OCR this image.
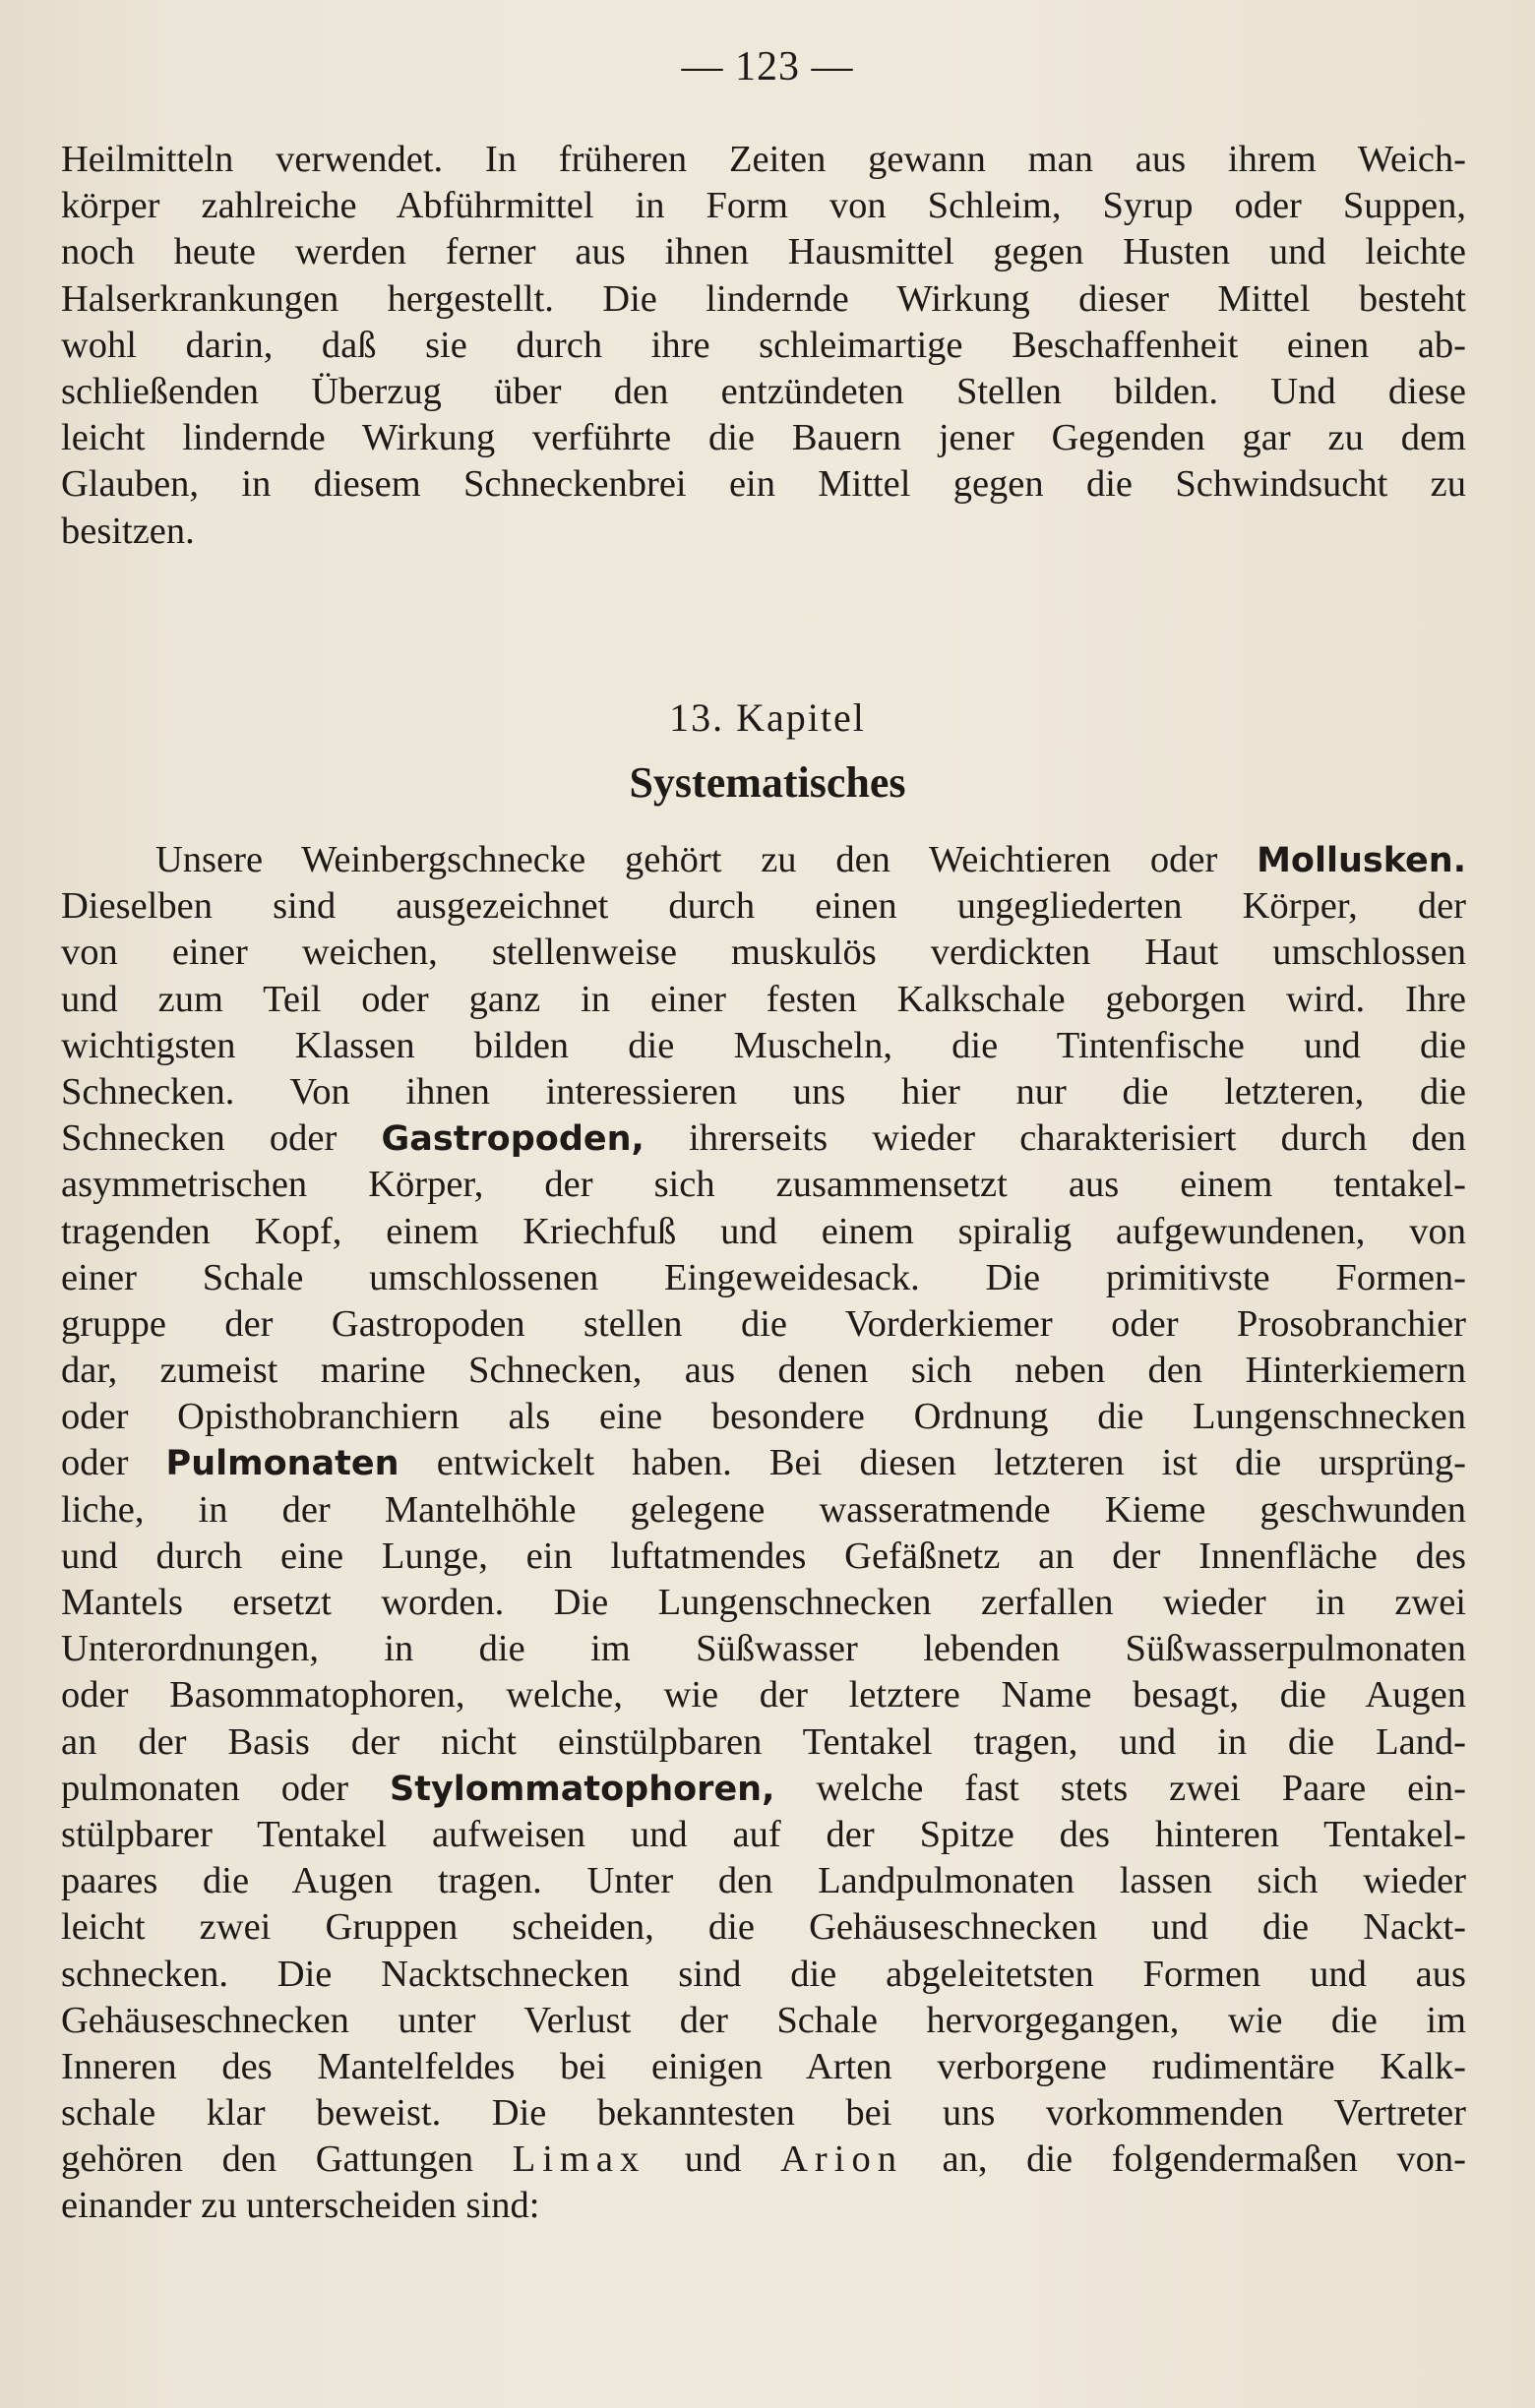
— 123 —
Heilmitteln verwendet. In früheren Zeiten gewann man aus ihrem Weich-
körper zahlreiche Abführmittel in Form von Schleim, Syrup oder Suppen,
noch heute werden ferner aus ihnen Hausmittel gegen Husten und leichte
Halserkrankungen hergestellt. Die lindernde Wirkung dieser Mittel besteht
wohl darin, daß sie durch ihre schleimartige Beschaffenheit einen ab-
schließenden Überzug über den entzündeten Stellen bilden. Und diese
leicht lindernde Wirkung verführte die Bauern jener Gegenden gar zu dem
Glauben, in diesem Schneckenbrei ein Mittel gegen die Schwindsucht zu
besitzen.
13. Kapitel
Systematisches
Unsere Weinbergschnecke gehört zu den Weichtieren oder Mollusken.
Dieselben sind ausgezeichnet durch einen ungegliederten Körper, der
von einer weichen, stellenweise muskulös verdickten Haut umschlossen
und zum Teil oder ganz in einer festen Kalkschale geborgen wird. Ihre
wichtigsten Klassen bilden die Muscheln, die Tintenfische und die
Schnecken. Von ihnen interessieren uns hier nur die letzteren, die
Schnecken oder Gastropoden, ihrerseits wieder charakterisiert durch den
asymmetrischen Körper, der sich zusammensetzt aus einem tentakel-
tragenden Kopf, einem Kriechfuß und einem spiralig aufgewundenen, von
einer Schale umschlossenen Eingeweidesack. Die primitivste Formen-
gruppe der Gastropoden stellen die Vorderkiemer oder Prosobranchier
dar, zumeist marine Schnecken, aus denen sich neben den Hinterkiemern
oder Opisthobranchiern als eine besondere Ordnung die Lungenschnecken
oder Pulmonaten entwickelt haben. Bei diesen letzteren ist die ursprüng-
liche, in der Mantelhöhle gelegene wasseratmende Kieme geschwunden
und durch eine Lunge, ein luftatmendes Gefäßnetz an der Innenfläche des
Mantels ersetzt worden. Die Lungenschnecken zerfallen wieder in zwei
Unterordnungen, in die im Süßwasser lebenden Süßwasserpulmonaten
oder Basommatophoren, welche, wie der letztere Name besagt, die Augen
an der Basis der nicht einstülpbaren Tentakel tragen, und in die Land-
pulmonaten oder Stylommatophoren, welche fast stets zwei Paare ein-
stülpbarer Tentakel aufweisen und auf der Spitze des hinteren Tentakel-
paares die Augen tragen. Unter den Landpulmonaten lassen sich wieder
leicht zwei Gruppen scheiden, die Gehäuseschnecken und die Nackt-
schnecken. Die Nacktschnecken sind die abgeleitetsten Formen und aus
Gehäuseschnecken unter Verlust der Schale hervorgegangen, wie die im
Inneren des Mantelfeldes bei einigen Arten verborgene rudimentäre Kalk-
schale klar beweist. Die bekanntesten bei uns vorkommenden Vertreter
gehören den Gattungen Limax und Arion an, die folgendermaßen von-
einander zu unterscheiden sind:
